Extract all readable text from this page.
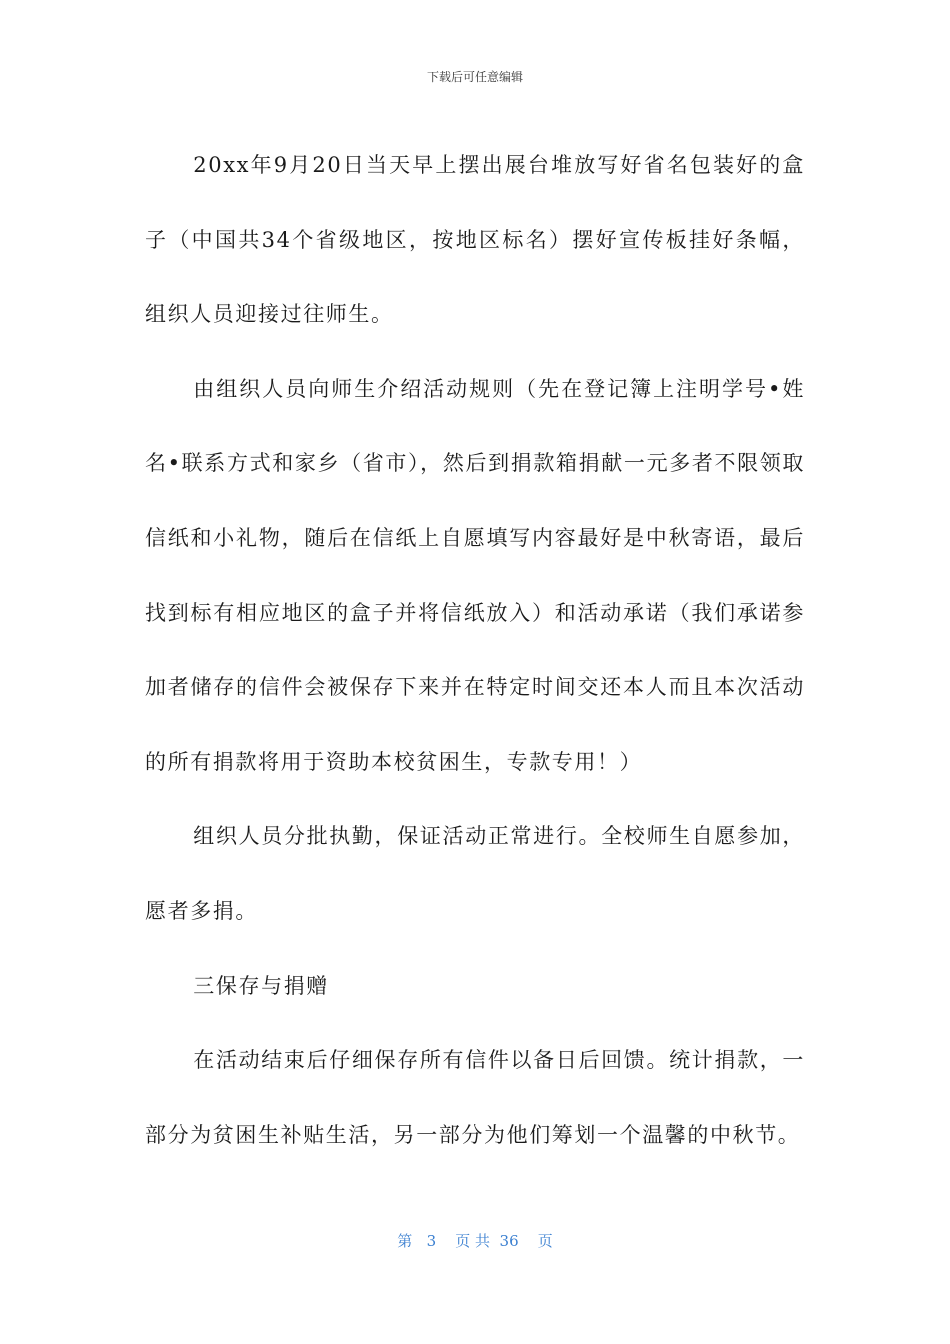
下载后可任意编辑

20xx年9月20日当天早上摆出展台堆放写好省名包装好的盒子（中国共34个省级地区，按地区标名）摆好宣传板挂好条幅，组织人员迎接过往师生。

由组织人员向师生介绍活动规则（先在登记簿上注明学号•姓名•联系方式和家乡（省市），然后到捐款箱捐献一元多者不限领取信纸和小礼物，随后在信纸上自愿填写内容最好是中秋寄语，最后找到标有相应地区的盒子并将信纸放入）和活动承诺（我们承诺参加者储存的信件会被保存下来并在特定时间交还本人而且本次活动的所有捐款将用于资助本校贫困生，专款专用！）

组织人员分批执勤，保证活动正常进行。全校师生自愿参加，愿者多捐。

三保存与捐赠

在活动结束后仔细保存所有信件以备日后回馈。统计捐款，一部分为贫困生补贴生活，另一部分为他们筹划一个温馨的中秋节。

第 3 页 共 36 页
